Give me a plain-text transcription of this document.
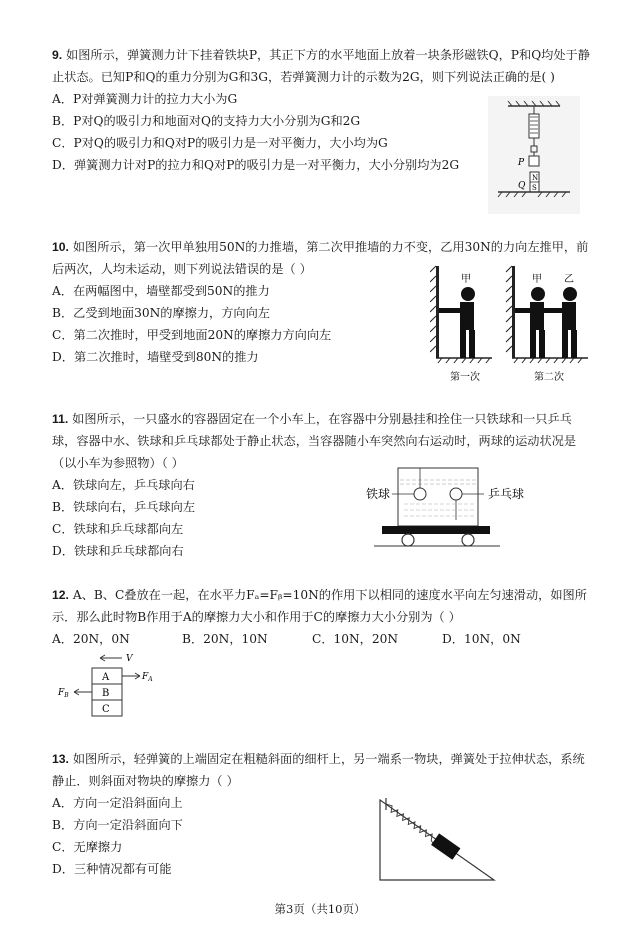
9. 如图所示，弹簧测力计下挂着铁块P，其正下方的水平地面上放着一块条形磁铁Q，P和Q均处于静止状态。已知P和Q的重力分别为G和3G，若弹簧测力计的示数为2G，则下列说法正确的是( )

A．P对弹簧测力计的拉力大小为G

B．P对Q的吸引力和地面对Q的支持力大小分别为G和2G

C．P对Q的吸引力和Q对P的吸引力是一对平衡力，大小均为G

D．弹簧测力计对P的拉力和Q对P的吸引力是一对平衡力，大小分别均为2G	P
N
S
Q

10. 如图所示，第一次甲单独用50N的力推墙，第二次甲推墙的力不变，乙用30N的力向左推甲，前后两次，人均未运动，则下列说法错误的是（ ）

A．在两幅图中，墙壁都受到50N的推力

B．乙受到地面30N的摩擦力，方向向左

C．第二次推时，甲受到地面20N的摩擦力方向向左

D．第二次推时，墙壁受到80N的推力

甲
第一次
甲 乙
第二次

11. 如图所示，一只盛水的容器固定在一个小车上，在容器中分别悬挂和拴住一只铁球和一只乒乓球，容器中水、铁球和乒乓球都处于静止状态，当容器随小车突然向右运动时，两球的运动状况是（以小车为参照物）（ ）

A．铁球向左，乒乓球向右

B．铁球向右，乒乓球向左

C．铁球和乒乓球都向左

D．铁球和乒乓球都向右

铁球	乒乓球

12. A、B、C叠放在一起，在水平力Fₐ=Fᵦ=10N的作用下以相同的速度水平向左匀速滑动，如图所示．那么此时物B作用于A的摩擦力大小和作用于C的摩擦力大小分别为（ ）

A．20N，0N	B．20N，10N	C．10N，20N	D．10N，0N

V
A
B
C
$F_A$
$F_B$

13. 如图所示，轻弹簧的上端固定在粗糙斜面的细杆上，另一端系一物块，弹簧处于拉伸状态，系统静止．则斜面对物块的摩擦力（ ）

A．方向一定沿斜面向上

B．方向一定沿斜面向下

C．无摩擦力

D．三种情况都有可能

第3页（共10页）
